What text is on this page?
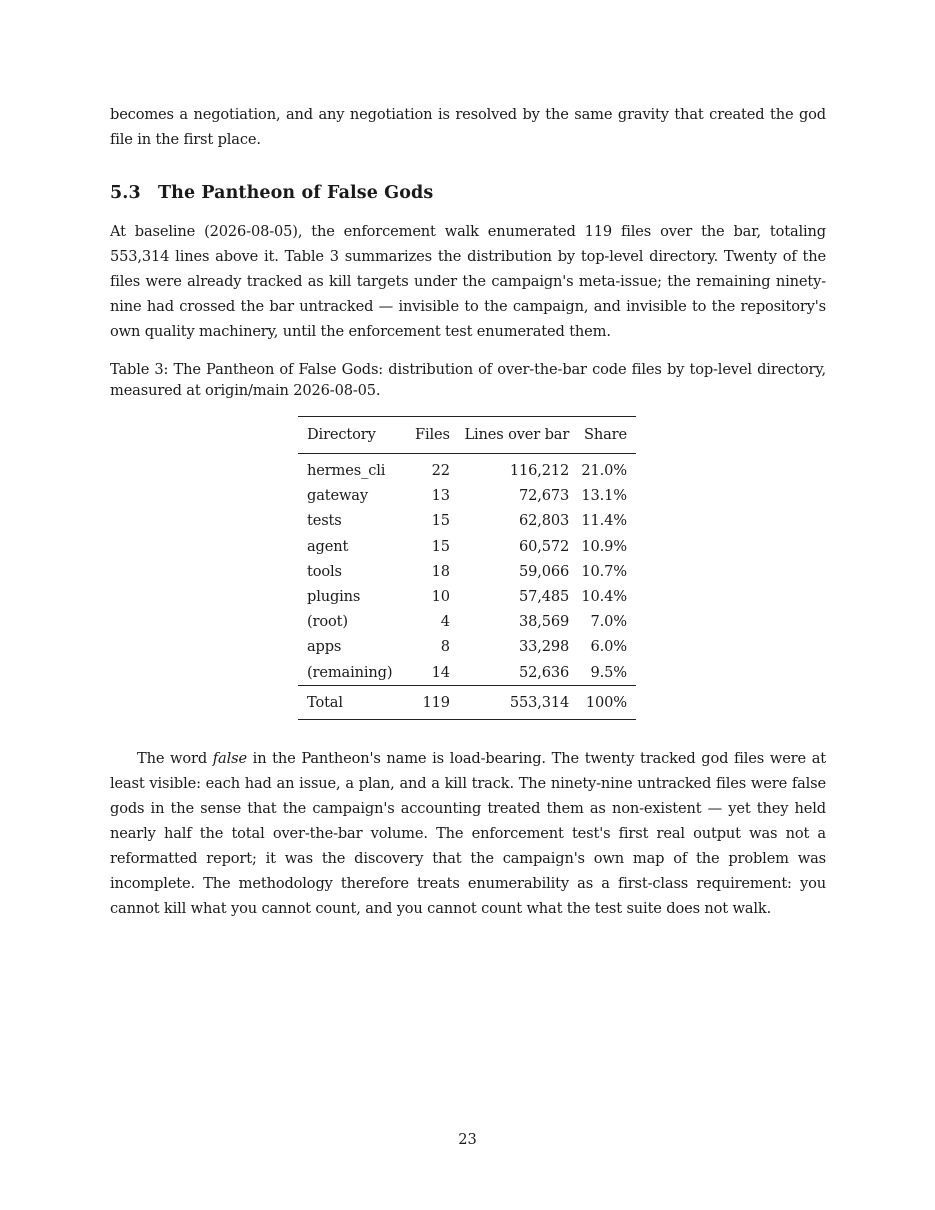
becomes a negotiation, and any negotiation is resolved by the same gravity that created the god file in the first place.

5.3 The Pantheon of False Gods

At baseline (2026-08-05), the enforcement walk enumerated 119 files over the bar, totaling 553,314 lines above it. Table 3 summarizes the distribution by top-level directory. Twenty of the files were already tracked as kill targets under the campaign's meta-issue; the remaining ninety-nine had crossed the bar untracked — invisible to the campaign, and invisible to the repository's own quality machinery, until the enforcement test enumerated them.

Table 3: The Pantheon of False Gods: distribution of over-the-bar code files by top-level directory, measured at origin/main 2026-08-05.

Directory	Files	Lines over bar	Share
hermes_cli	22	116,212	21.0%
gateway	13	72,673	13.1%
tests	15	62,803	11.4%
agent	15	60,572	10.9%
tools	18	59,066	10.7%
plugins	10	57,485	10.4%
(root)	4	38,569	7.0%
apps	8	33,298	6.0%
(remaining)	14	52,636	9.5%
Total	119	553,314	100%

The word false in the Pantheon's name is load-bearing. The twenty tracked god files were at least visible: each had an issue, a plan, and a kill track. The ninety-nine untracked files were false gods in the sense that the campaign's accounting treated them as non-existent — yet they held nearly half the total over-the-bar volume. The enforcement test's first real output was not a reformatted report; it was the discovery that the campaign's own map of the problem was incomplete. The methodology therefore treats enumerability as a first-class requirement: you cannot kill what you cannot count, and you cannot count what the test suite does not walk.

23
